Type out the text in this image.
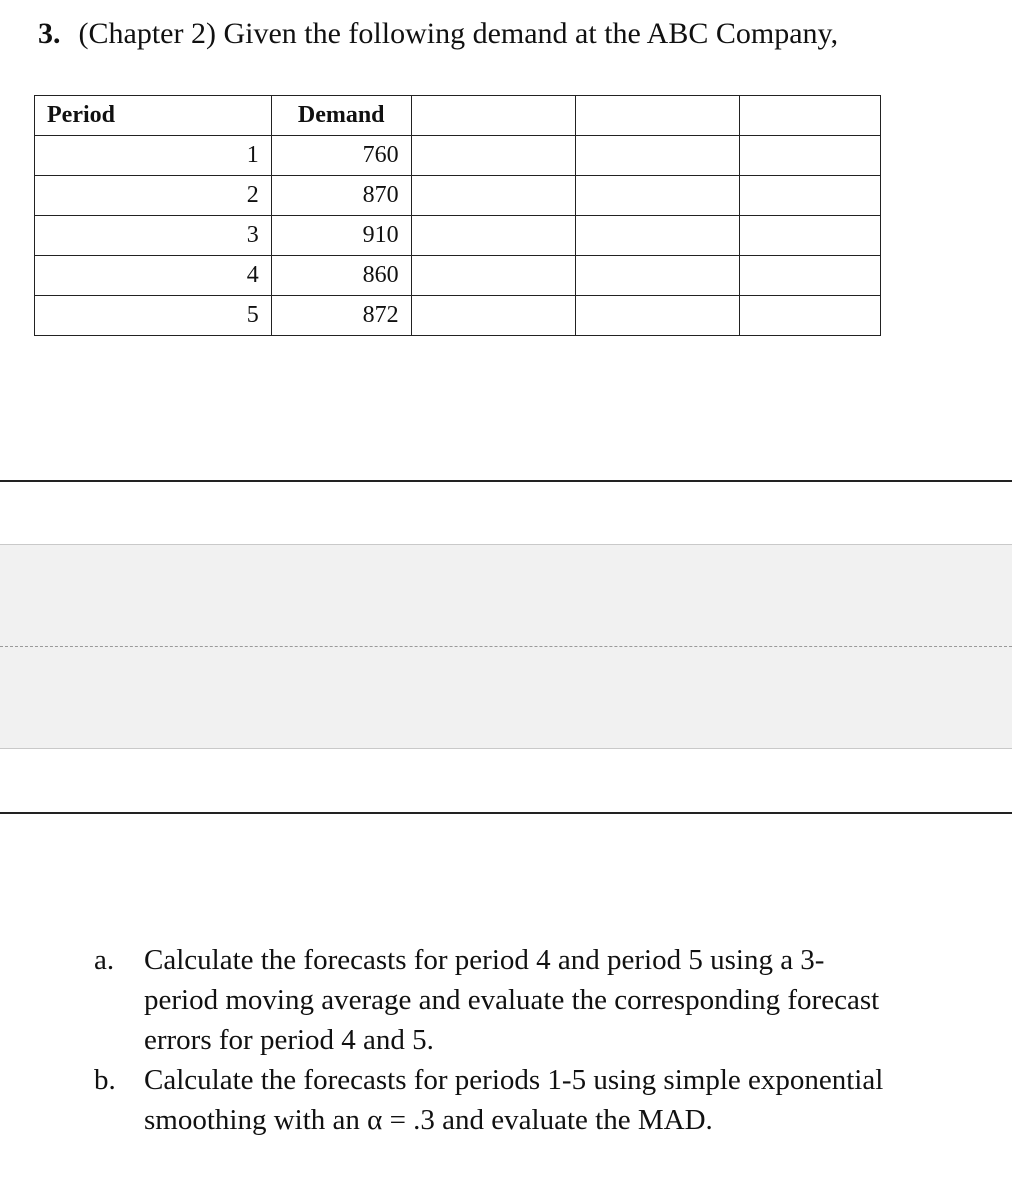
3. (Chapter 2) Given the following demand at the ABC Company,
Period	Demand			
1	760			
2	870			
3	910			
4	860			
5	872			
a.	Calculate the forecasts for period 4 and period 5 using a 3-period moving average and evaluate the corresponding forecast errors for period 4 and 5.
b. Calculate the forecasts for periods 1-5 using simple exponential smoothing with an α = .3 and evaluate the MAD.
